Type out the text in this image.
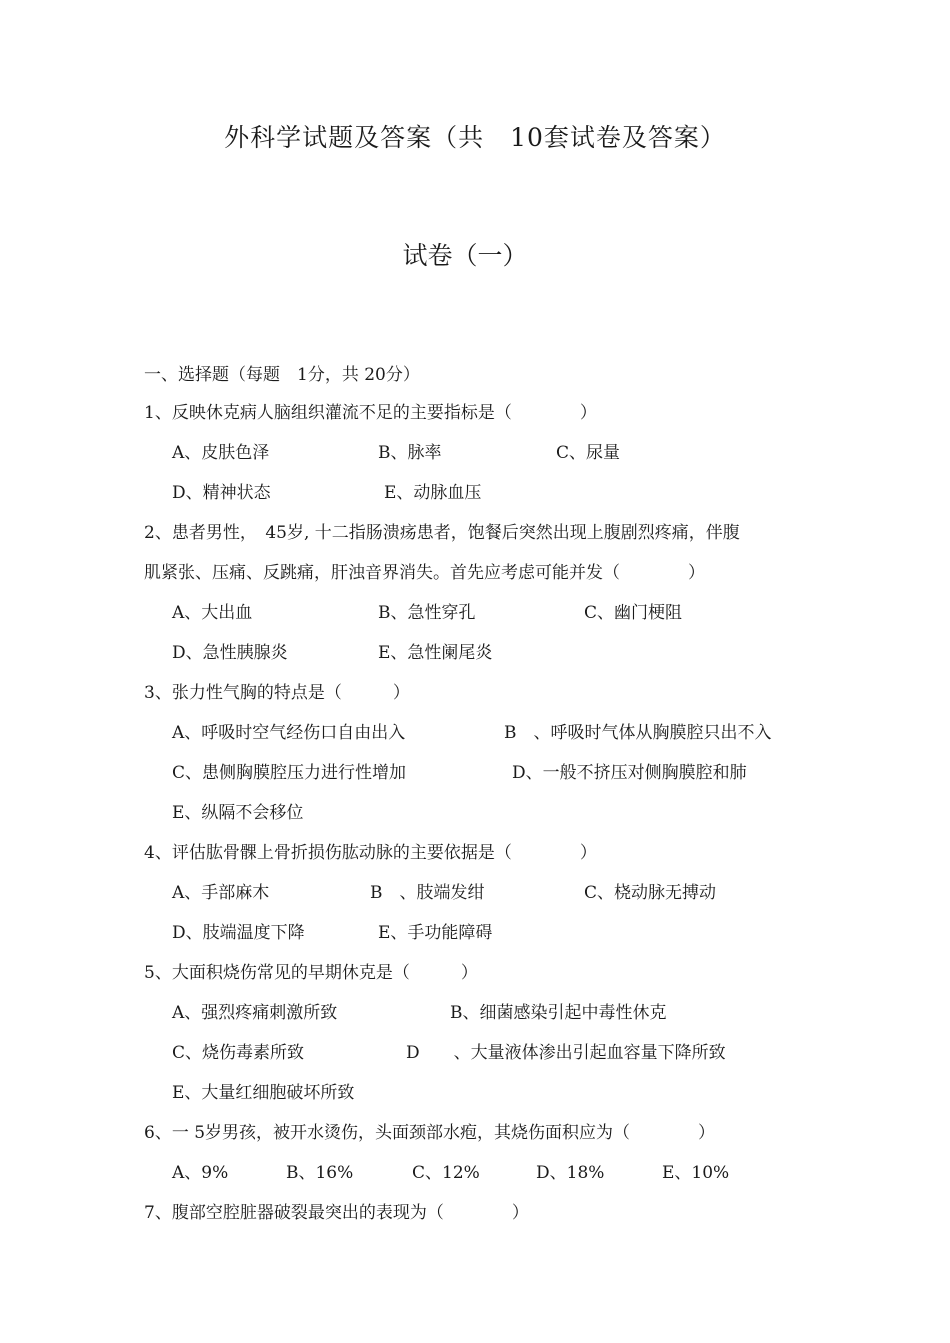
外科学试题及答案（共　10套试卷及答案）
试卷（一）
一、选择题（每题　1分，共 20分）
1、反映休克病人脑组织灌流不足的主要指标是（　　　　）
A、皮肤色泽	B、脉率	C、尿量
D、精神状态	E、动脉血压
2、患者男性，　45岁, 十二指肠溃疡患者，饱餐后突然出现上腹剧烈疼痛，伴腹
肌紧张、压痛、反跳痛，肝浊音界消失。首先应考虑可能并发（　　　　）
A、大出血	B、急性穿孔	C、幽门梗阻
D、急性胰腺炎	E、急性阑尾炎
3、张力性气胸的特点是（　　　）
A、呼吸时空气经伤口自由出入	B　、呼吸时气体从胸膜腔只出不入
C、患侧胸膜腔压力进行性增加	D、一般不挤压对侧胸膜腔和肺
E、纵隔不会移位
4、评估肱骨髁上骨折损伤肱动脉的主要依据是（　　　　）
A、手部麻木	B　、肢端发绀	C、桡动脉无搏动
D、肢端温度下降	E、手功能障碍
5、大面积烧伤常见的早期休克是（　　　）
A、强烈疼痛刺激所致	B、细菌感染引起中毒性休克
C、烧伤毒素所致	D　　、大量液体渗出引起血容量下降所致
E、大量红细胞破坏所致
6、一 5岁男孩，被开水烫伤，头面颈部水疱，其烧伤面积应为（　　　　）
A、9%	B、16%	C、12%	D、18%	E、10%
7、腹部空腔脏器破裂最突出的表现为（　　　　）
